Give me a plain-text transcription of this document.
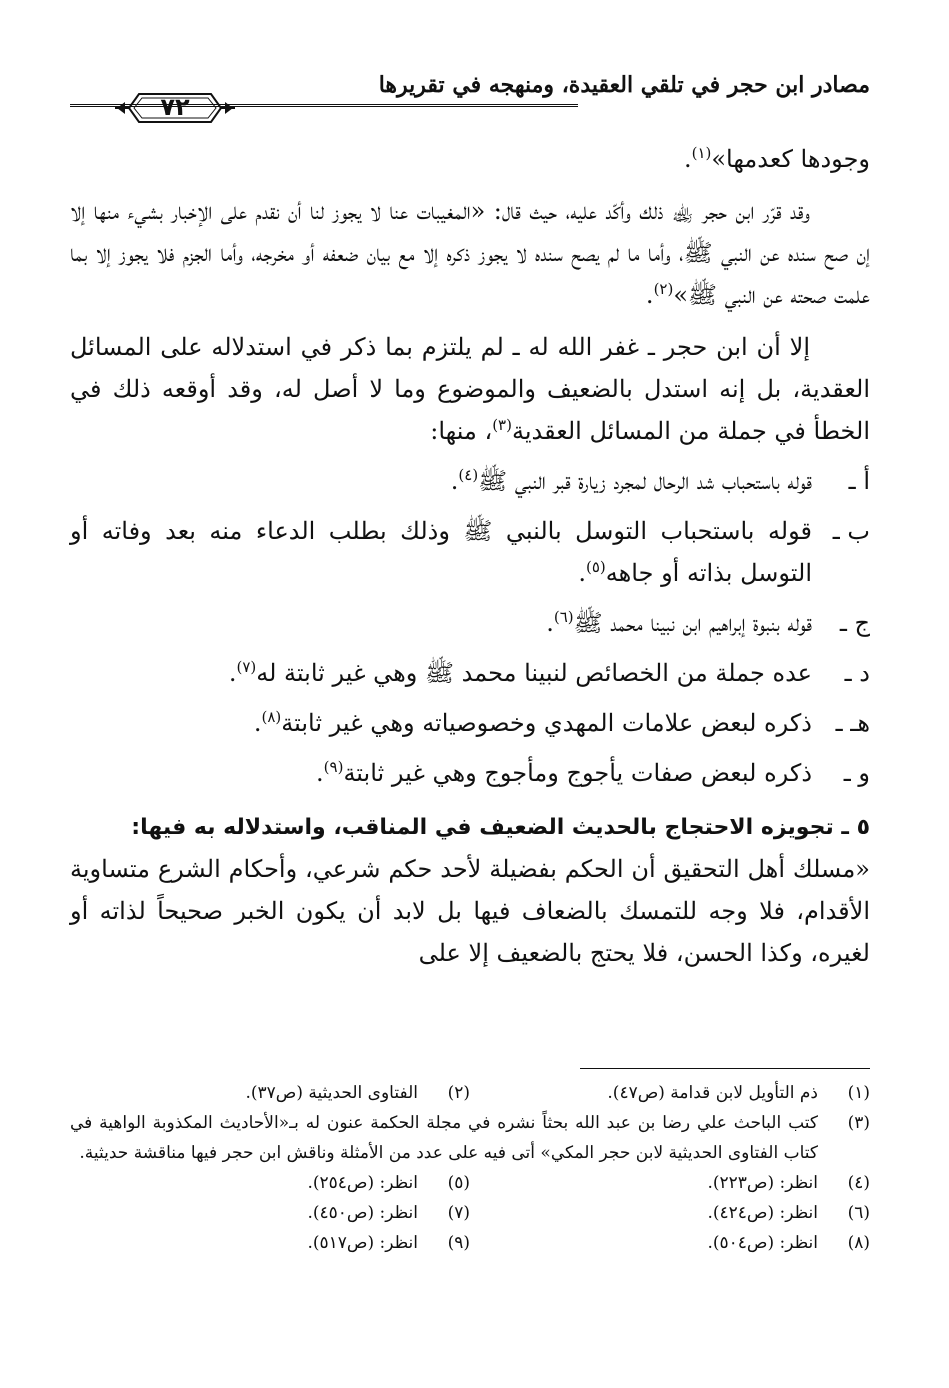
مصادر ابن حجر في تلقي العقيدة، ومنهجه في تقريرها
٧٢

وجودها كعدمها»$^{(١)}$.

وقد قرّر ابن حجر ﵀ ذلك وأكّد عليه، حيث قال: «المغيبات عنا لا يجوز لنا أن نقدم على الإخبار بشيء منها إلا إن صح سنده عن النبي ﷺ، وأما ما لم يصح سنده لا يجوز ذكره إلا مع بيان ضعفه أو مخرجه، وأما الجزم فلا يجوز إلا بما علمت صحته عن النبي ﷺ»$^{(٢)}$.

إلا أن ابن حجر ـ غفر الله له ـ لم يلتزم بما ذكر في استدلاله على المسائل العقدية، بل إنه استدل بالضعيف والموضوع وما لا أصل له، وقد أوقعه ذلك في الخطأ في جملة من المسائل العقدية$^{(٣)}$، منها:

أ ـ
قوله باستحباب شد الرحال لمجرد زيارة قبر النبي ﷺ$^{(٤)}$.
ب ـ
قوله باستحباب التوسل بالنبي ﷺ وذلك بطلب الدعاء منه بعد وفاته أو التوسل بذاته أو جاهه$^{(٥)}$.
ج ـ
قوله بنبوة إبراهيم ابن نبينا محمد ﷺ$^{(٦)}$.
د ـ
عده جملة من الخصائص لنبينا محمد ﷺ وهي غير ثابتة له$^{(٧)}$.
هـ ـ
ذكره لبعض علامات المهدي وخصوصياته وهي غير ثابتة$^{(٨)}$.
و ـ
ذكره لبعض صفات يأجوج ومأجوج وهي غير ثابتة$^{(٩)}$.
٥ ـ تجويزه الاحتجاج بالحديث الضعيف في المناقب، واستدلاله به فيها:

«مسلك أهل التحقيق أن الحكم بفضيلة لأحد حكم شرعي، وأحكام الشرع متساوية الأقدام، فلا وجه للتمسك بالضعاف فيها بل لابد أن يكون الخبر صحيحاً لذاته أو لغيره، وكذا الحسن، فلا يحتج بالضعيف إلا على

(١)
ذم التأويل لابن قدامة (ص٤٧).
(٢)
الفتاوى الحديثية (ص٣٧).
(٣)
كتب الباحث علي رضا بن عبد الله بحثاً نشره في مجلة الحكمة عنون له بـ«الأحاديث المكذوبة الواهية في كتاب الفتاوى الحديثية لابن حجر المكي» أتى فيه على عدد من الأمثلة وناقش ابن حجر فيها مناقشة حديثية.
(٤)
انظر: (ص٢٢٣).
(٥)
انظر: (ص٢٥٤).
(٦)
انظر: (ص٤٢٤).
(٧)
انظر: (ص٤٥٠).
(٨)
انظر: (ص٥٠٤).
(٩)
انظر: (ص٥١٧).
